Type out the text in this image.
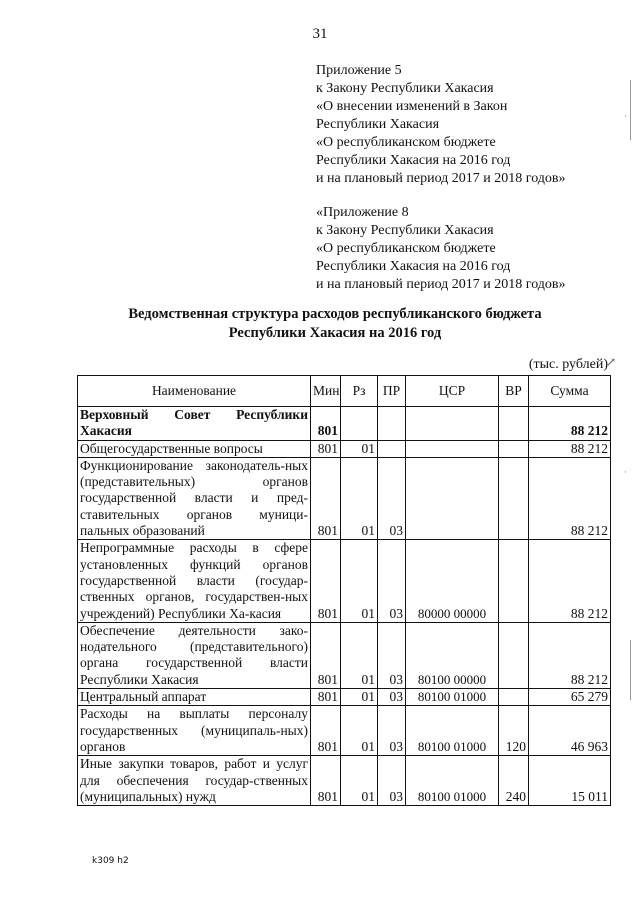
31
Приложение 5
к Закону Республики Хакасия
«О внесении изменений в Закон
Республики Хакасия
«О республиканском бюджете
Республики Хакасия на 2016 год
и на плановый период 2017 и 2018 годов»
«Приложение 8
к Закону Республики Хакасия
«О республиканском бюджете
Республики Хакасия на 2016 год
и на плановый период 2017 и 2018 годов»
Ведомственная структура расходов республиканского бюджета
Республики Хакасия на 2016 год
(тыс. рублей)
↗
Наименование	Мин	Рз	ПР	ЦСР	ВР	Сумма
Верховный Совет Республики Хакасия	801					88 212
Общегосударственные вопросы	801	01				88 212
Функционирование законодатель-ных (представительных) органов государственной власти и пред-ставительных органов муници-пальных образований	801	01	03			88 212
Непрограммные расходы в сфере установленных функций органов государственной власти (государ-ственных органов, государствен-ных учреждений) Республики Ха-касия	801	01	03	80000 00000		88 212
Обеспечение деятельности зако-нодательного (представительного) органа государственной власти Республики Хакасия	801	01	03	80100 00000		88 212
Центральный аппарат	801	01	03	80100 01000		65 279
Расходы на выплаты персоналу государственных (муниципаль-ных) органов	801	01	03	80100 01000	120	46 963
Иные закупки товаров, работ и услуг для обеспечения государ-ственных (муниципальных) нужд	801	01	03	80100 01000	240	15 011
·
·
k309 h2
